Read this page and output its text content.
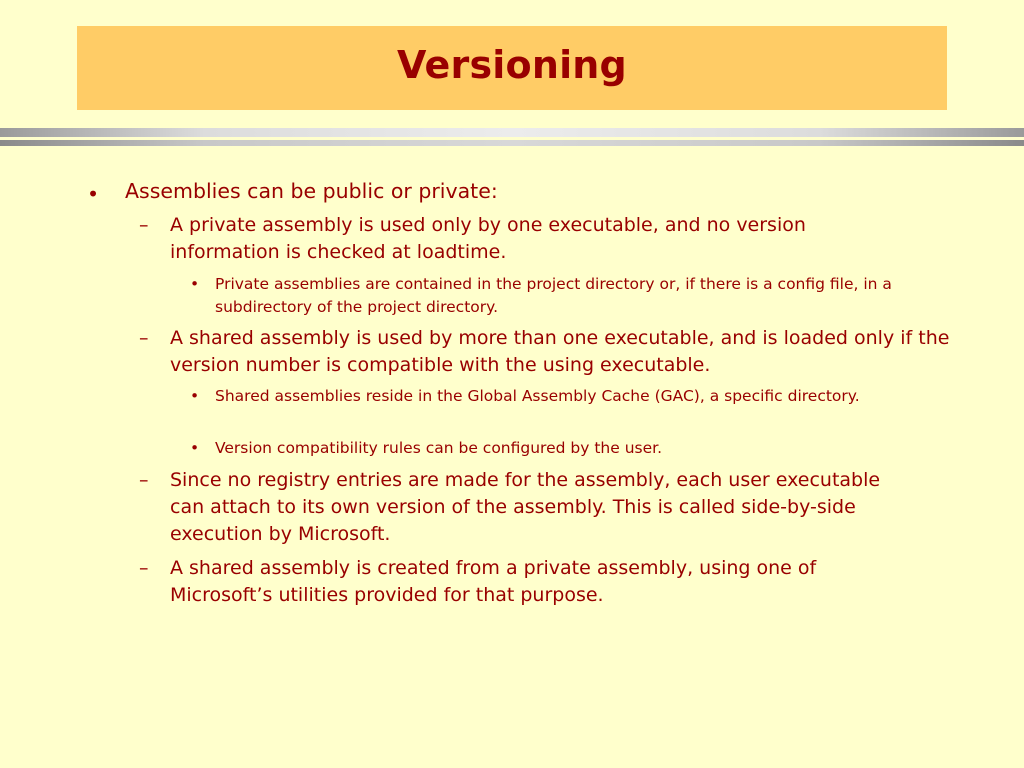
Versioning
• Assemblies can be public or private:
– A private assembly is used only by one executable, and no version information is checked at loadtime.
• Private assemblies are contained in the project directory or, if there is a config file, in a subdirectory of the project directory.
– A shared assembly is used by more than one executable, and is loaded only if the version number is compatible with the using executable.
• Shared assemblies reside in the Global Assembly Cache (GAC), a specific directory.
• Version compatibility rules can be configured by the user.
– Since no registry entries are made for the assembly, each user executable can attach to its own version of the assembly. This is called side-by-side execution by Microsoft.
– A shared assembly is created from a private assembly, using one of Microsoft’s utilities provided for that purpose.
